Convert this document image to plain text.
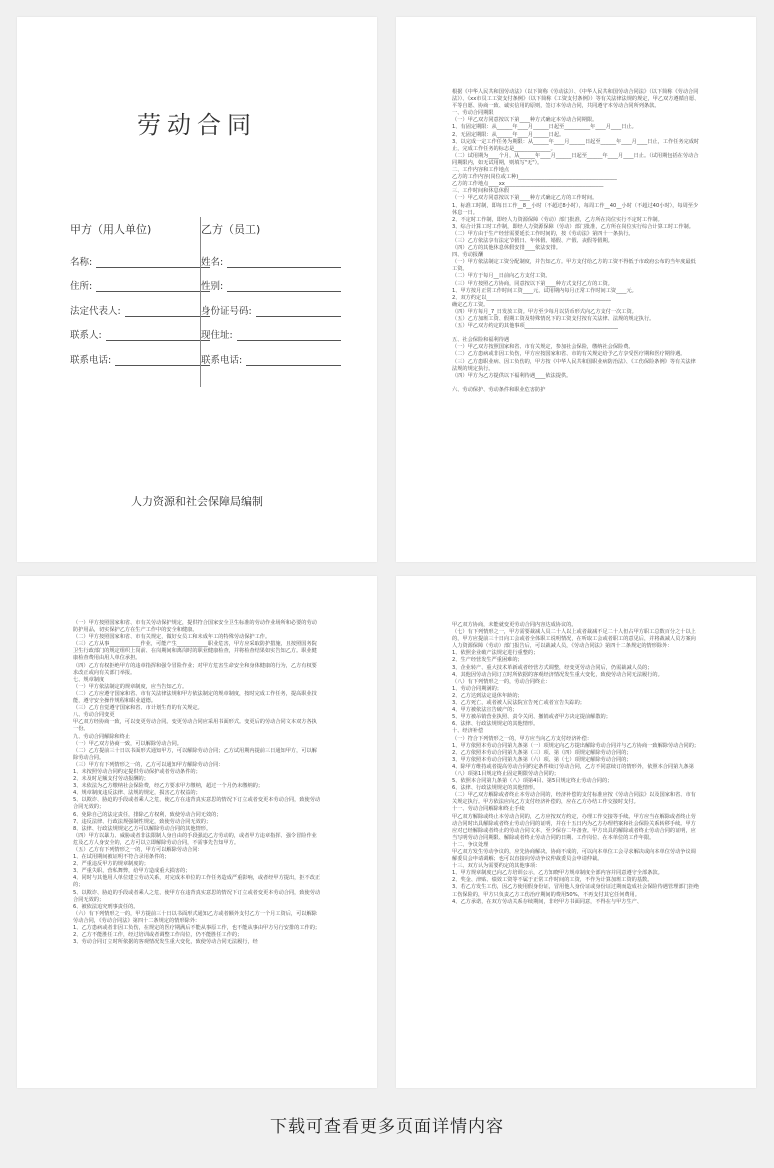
劳动合同
甲方（用人单位)
名称:
住所:
法定代表人:
联系人:
联系电话:
乙方（员工)
姓名:
性别:
身份证号码:
现住址:
联系电话:
人力资源和社会保障局编制
根据《中华人民共和国劳动法》（以下简称《劳动法》）、《中华人民共和国劳动合同法》（以下简称《劳动合同法》）、《xx市员工工资支付条例》（以下简称《工资支付条例》）等有关法律法规的规定，甲乙双方遵循自愿、平等自愿、协商一致、诚实信用的原则，签订本劳动合同，共同遵守本劳动合同所列条款。
一、劳动合同期限
（一）甲乙双方同意按以下第____种方式确定本劳动合同期限。
1、有固定期限：从______年____月______日起至__________年____月____日止。
2、无固定期限：从______年____月______日起。
3、以完成一定工作任务为期限：从______年____月______日起至______年____月____日止，工作任务完成时止，完成工作任务的标志是______________。
（二）试用期为____个月，从______年____月______日起至______年____月____日止。（试用期包括在劳动合同期限内，如无试用期，则填写"无"）。
二、工作内容和工作地点
乙方的工作内容(岗位或工种)______________________________________
乙方的工作地点____xx______________________________________
三、工作时间和休息休假
（一）甲乙双方同意按以下第____种方式确定乙方的工作时间。
1、标准工时制，即每日工作__8__小时（不超过8小时），每周工作__40__小时（不超过40小时），每周至少休息一日。
2、不定时工作制，即经人力资源保障（劳动）部门批准，乙方所在岗位实行不定时工作制。
3、综合计算工时工作制，即经人力资源保障（劳动）部门批准，乙方所在岗位实行综合计算工时工作制。
（二）甲方由于生产经营需要延长工作时间的，按《劳动法》第四十一条执行。
（三）乙方依法享有法定节假日、年休假、婚假、产假、丧假等假期。
（四）乙方的其他休息休假安排____依法安排。
四、劳动报酬
（一）甲方依法制定工资分配制度，并告知乙方。甲方支付给乙方的工资不得低于市政府公布的当年度最低工资。
（二）甲方于每月__日前向乙方支付工资。
（三）甲方按照乙方协商，同意按以下第____种方式支付乙方的工资。
1、甲方按月正常工作时间工资____元，试用期内每月正常工作时间工资____元。
2、双方约定以________________________________________________
确定乙方工资。
（四）甲方每月_7_日发放工资。甲方至少每月以货币形式向乙方支付一次工资。
（五）乙方加班工资、假期工资及特殊情况下的工资支付按有关法律、法规的规定执行。
（五）甲乙双方约定的其他事项____________________________________

五、社会保险和福利待遇
（一）甲乙双方按照国家和省、市有关规定，参加社会保险，缴纳社会保险费。
（二）乙方患病或非因工负伤，甲方应按国家和省、市的有关规定给予乙方享受医疗期和医疗期待遇。
（三）乙方患职业病、因工负伤的，甲方按《中华人民共和国职业病防治法》、《工伤保险条例》等有关法律法规的规定执行。
（四）甲方为乙方提供以下福利待遇____依法提供。

六、劳动保护、劳动条件和职业危害防护
（一）甲方按照国家和省、市有关劳动保护规定，提供符合国家安全卫生标准的劳动作业场所和必要的劳动防护用品，切实保护乙方在生产工作中的安全和健康。
（二）甲方按照国家和省、市有关规定，做好女员工和未成年工的特殊劳动保护工作。
（三）乙方从事____________作业，可能产生____________职业危害，甲方应采取防护措施，且按照国务院卫生行政部门的规定组织上岗前、在岗期间和离岗时的职业健康检查，并将检查结果如实告知乙方。职业健康检查费用由用人单位承担。
（四）乙方有权拒绝甲方的违章指挥和强令冒险作业；对甲方危害生命安全和身体健康的行为，乙方有权要求改正或向有关部门举报。
七、规章制度
（一）甲方依法制定的规章制度，应当告知乙方。
（二）乙方应遵守国家和省、市有关法律法规和甲方依法制定的规章制度，按时完成工作任务，提高职业技能，遵守安全操作规程和职业道德。
（三）乙方自觉遵守国家和省、市计划生育的有关规定。
八、劳动合同变更
甲乙双方经协商一致，可以变更劳动合同。变更劳动合同应采用书面形式。变更后的劳动合同文本双方各执一份。
九、劳动合同解除和终止
（一）甲乙双方协商一致，可以解除劳动合同。
（二）乙方提前三十日以书面形式通知甲方，可以解除劳动合同；乙方试用期内提前三日通知甲方，可以解除劳动合同。
（三）甲方有下列情形之一的，乙方可以通知甲方解除劳动合同：
1、未按照劳动合同约定提供劳动保护或者劳动条件的；
2、未及时足额支付劳动报酬的；
3、未依法为乙方缴纳社会保险费，经乙方要求甲方缴纳，超过一个月仍未缴纳的；
4、规章制度违反法律、法规的规定，损害乙方权益的；
5、以欺诈、胁迫的手段或者乘人之危，使乙方在违背真实意思的情况下订立或者变更本劳动合同，致使劳动合同无效的；
6、免除自己的法定责任，排除乙方权利，致使劳动合同无效的；
7、违反法律、行政法规强制性规定，致使劳动合同无效的；
8、法律、行政法规规定乙方可以解除劳动合同的其他情形。
（四）甲方以暴力、威胁或者非法限制人身自由的手段强迫乙方劳动的，或者甲方违章指挥、强令冒险作业危及乙方人身安全的，乙方可以立即解除劳动合同，不需事先告知甲方。
（五）乙方有下列情形之一的，甲方可以解除劳动合同：
1、在试用期间被证明不符合录用条件的；
2、严重违反甲方的规章制度的；
3、严重失职，营私舞弊，给甲方造成重大损害的；
4、同时与其他用人单位建立劳动关系，对完成本单位的工作任务造成严重影响，或者经甲方提出，拒不改正的；
5、以欺诈、胁迫的手段或者乘人之危，使甲方在违背真实意思的情况下订立或者变更本劳动合同，致使劳动合同无效的；
6、被依法追究刑事责任的。
（六）有下列情形之一的，甲方提前三十日以书面形式通知乙方或者额外支付乙方一个月工资后，可以解除劳动合同，《劳动合同法》第四十二条规定的情形除外：
1、乙方患病或者非因工负伤，在规定的医疗期满后不能从事原工作，也不能从事由甲方另行安排的工作的；
2、乙方不能胜任工作，经过培训或者调整工作岗位，仍不能胜任工作的；
3、劳动合同订立时所依据的客观情况发生重大变化，致使劳动合同无法履行，经
甲乙双方协商，未能就变更劳动合同内容达成协议的。
（七）有下列情形之一，甲方需要裁减人员二十人以上或者裁减不足二十人但占甲方职工总数百分之十以上的，甲方应提前三十日向工会或者全体职工说明情况，在听取工会或者职工的意见后，并将裁减人员方案向人力资源保障（劳动）部门报告后，可以裁减人员，《劳动合同法》第四十二条规定的情形除外：
1、依照企业破产法规定进行重整的；
2、生产经营发生严重困难的；
3、企业转产、重大技术革新或者经营方式调整，经变更劳动合同后，仍需裁减人员的；
4、其他因劳动合同订立时所依据的客观经济情况发生重大变化，致使劳动合同无法履行的。
（八）有下列情形之一的，劳动合同终止：
1、劳动合同期满的；
2、乙方达到法定退休年龄的；
3、乙方死亡，或者被人民法院宣告死亡或者宣告失踪的；
4、甲方被依法宣告破产的；
5、甲方被吊销营业执照、责令关闭、撤销或者甲方决定提前解散的；
6、法律、行政法规规定的其他情形。
十、经济补偿
（一）符合下列情形之一的，甲方应当向乙方支付经济补偿：
1、甲方依照本劳动合同第九条第（一）项规定向乙方提出解除劳动合同并与乙方协商一致解除劳动合同的；
2、乙方依照本劳动合同第九条第（三）项、第（四）项规定解除劳动合同的；
3、甲方依照本劳动合同第九条第（六）项、第（七）项规定解除劳动合同的；
4、除甲方维持或者提高劳动合同约定条件续订劳动合同，乙方不同意续订的情形外，依照本合同第九条第（八）项第1目规定终止固定期限劳动合同的；
5、依照本合同第九条第（八）项第4目、第5目规定终止劳动合同的；
6、法律、行政法规规定的其他情形。
（二）甲乙双方解除或者终止本劳动合同的，经济补偿的支付标准应按《劳动合同法》以及国家和省、市有关规定执行。甲方依法应向乙方支付经济补偿的，应在乙方办结工作交接时支付。
十一、劳动合同解除和终止手续
甲乙双方解除或终止本劳动合同的，乙方应按双方约定，办理工作交接等手续。甲方应当在解除或者终止劳动合同时出具解除或者终止劳动合同的证明，并在十五日内为乙方办理档案和社会保险关系转移手续。甲方应对已经解除或者终止的劳动合同文本，至少保存二年备查。甲方出具的解除或者终止劳动合同的证明，应当写明劳动合同期限、解除或者终止劳动合同的日期、工作岗位、在本单位的工作年限。
十二、争议处理
甲乙双方发生劳动争议的，应先协商解决。协商不成的，可以向本单位工会寻求解决或向本单位劳动争议调解委员会申请调解；也可以直接向劳动争议仲裁委员会申请仲裁。
十三、双方认为需要约定的其他事项：
1、甲方规章制度已向乙方培训公示，乙方知晓甲方规章制度全部内容并同意遵守全部条款。
2、奖金、津贴、绩效工资等不属于正常工作时间的工资，不作为计算加班工资的基数。
3、若乙方发生工伤，因乙方使用假身份证，冒用他人身份证或身份证过期而造成社会保险待遇管理部门拒绝工伤保险的，甲方只负责乙方工伤治疗期间的费用50%，不再支付其它任何费用。
4、乙方承诺，在双方劳动关系存续期间，非经甲方书面同意，不得在与甲方生产、
下载可查看更多页面详情内容
